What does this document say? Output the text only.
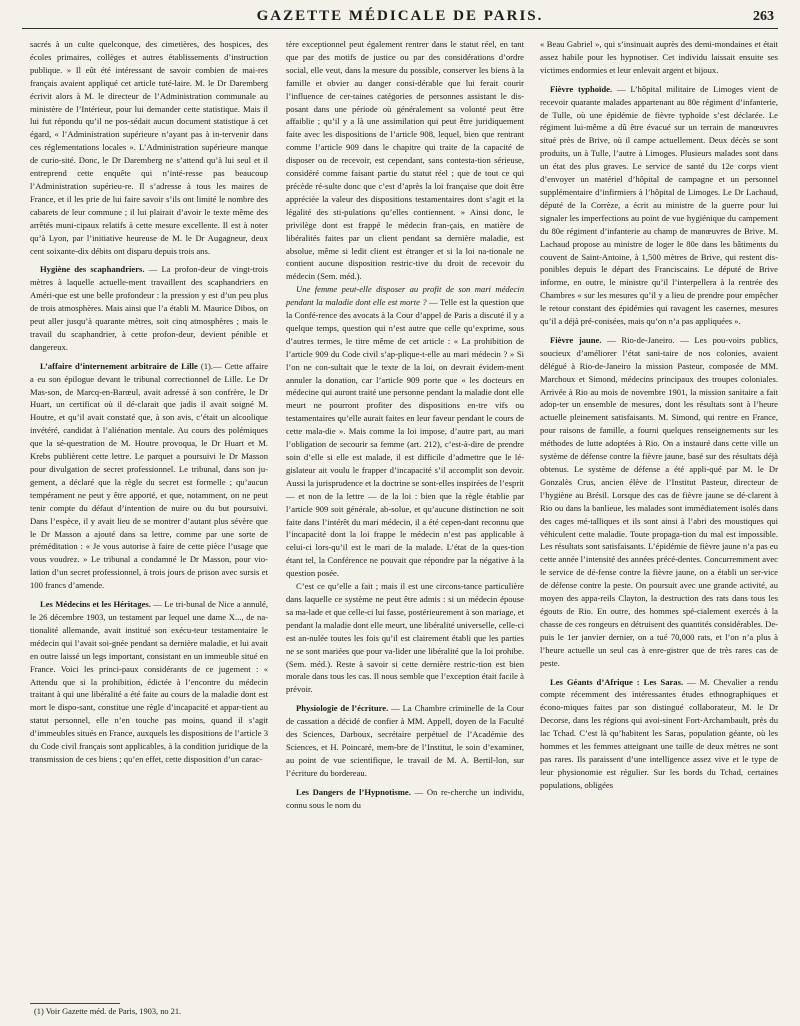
GAZETTE MÉDICALE DE PARIS.	263

sacrés à un culte quelconque, des cimetières, des hospices, des écoles primaires, collèges et autres établissements d’instruction publique. » Il eût été intéressant de savoir combien de mai-res français avaient appliqué cet article tuté-laire. M. le Dr Daremberg écrivit alors à M. le directeur de l’Administration communale au ministère de l’Intérieur, pour lui demander cette statistique. Mais il lui fut répondu qu’il ne pos-sédait aucun document statistique à cet égard, « l’Administration supérieure n’ayant pas à in-tervenir dans ces réglementations locales ». L’Administration supérieure manque de curio-sité. Donc, le Dr Daremberg ne s’attend qu’à lui seul et il entreprend cette enquête qui n’inté-resse pas beaucoup l’Administration supérieu-re. Il s’adresse à tous les maires de France, et il les prie de lui faire savoir s’ils ont limité le nombre des cabarets de leur commune ; il lui plairait d’avoir le texte même des arrêtés muni-cipaux relatifs à cette mesure excellente. Il est à noter qu’à Lyon, par l’initiative heureuse de M. le Dr Augagneur, deux cent soixante-dix débits ont disparu depuis trois ans.

Hygiène des scaphandriers. — La profon-deur de vingt-trois mètres à laquelle actuelle-ment travaillent des scaphandriers en Améri-que est une belle profondeur : la pression y est d’un peu plus de trois atmosphères. Mais ainsi que l’a établi M. Maurice Dibos, on peut aller jusqu’à quarante mètres, soit cinq atmosphères ; mais le travail du scaphandrier, à cette profon-deur, devient pénible et dangereux.

L’affaire d’internement arbitraire de Lille (1).— Cette affaire a eu son épilogue devant le tribunal correctionnel de Lille. Le Dr Mas-son, de Marcq-en-Barœul, avait adressé à son confrère, le Dr Huart, un certificat où il dé-clarait que jadis il avait soigné M. Houtre, et qu’il avait constaté que, à son avis, c’était un alcoolique invétéré, candidat à l’aliénation mentale. Au cours des polémiques que la sé-questration de M. Houtre provoqua, le Dr Huart et M. Krebs publièrent cette lettre. Le parquet a poursuivi le Dr Masson pour divulgation de secret professionnel. Le tribunal, dans son ju-gement, a déclaré que la règle du secret est formelle ; qu’aucun tempérament ne peut y être apporté, et que, notamment, on ne peut tenir compte du défaut d’intention de nuire ou du but poursuivi. Dans l’espèce, il y avait lieu de se montrer d’autant plus sévère que le Dr Masson a ajouté dans sa lettre, comme par une sorte de préméditation : « Je vous autorise à faire de cette pièce l’usage que vous voudrez. » Le tribunal a condamné le Dr Masson, pour vio-lation d’un secret professionnel, à trois jours de prison avec sursis et 100 francs d’amende.

Les Médecins et les Héritages. — Le tri-bunal de Nice a annulé, le 26 décembre 1903, un testament par lequel une dame X..., de na-tionalité allemande, avait institué son exécu-teur testamentaire le médecin qui l’avait soi-gnée pendant sa dernière maladie, et lui avait en outre laissé un legs important, consistant en un immeuble situé en France. Voici les princi-paux considérants de ce jugement : « Attendu que si la prohibition, édictée à l’encontre du médecin traitant à qui une libéralité a été faite au cours de la maladie dont est mort le dispo-sant, constitue une règle d’incapacité et appar-tient au statut personnel, elle n’en touche pas moins, quand il s’agit d’immeubles situés en France, auxquels les dispositions de l’article 3 du Code civil français sont applicables, à la condition juridique de la transmission de ces biens ; qu’en effet, cette disposition d’un carac-

tère exceptionnel peut également rentrer dans le statut réel, en tant que par des motifs de justice ou par des considérations d’ordre social, elle veut, dans la mesure du possible, conserver les biens à la famille et obvier au danger consi-dérable que lui ferait courir l’influence de cer-taines catégories de personnes assistant le dis-posant dans une période où généralement sa volonté peut être affaiblie ; qu’il y a là une assimilation qui peut être juridiquement faite avec les dispositions de l’article 908, lequel, bien que rentrant comme l’article 909 dans le chapitre qui traite de la capacité de disposer ou de recevoir, est cependant, sans contesta-tion sérieuse, considéré comme faisant partie du statut réel ; que de tout ce qui précède ré-sulte donc que c’est d’après la loi française que doit être appréciée la valeur des dispositions testamentaires dont s’agit et la légalité des sti-pulations qu’elles contiennent. » Ainsi donc, le privilège dont est frappé le médecin fran-çais, en matière de libéralités faites par un client pendant sa dernière maladie, est absolue, même si ledit client est étranger et si la loi na-tionale ne contient aucune disposition restric-tive du droit de recevoir du médecin (Sem. méd.).

Une femme peut-elle disposer au profit de son mari médecin pendant la maladie dont elle est morte ? — Telle est la question que la Confé-rence des avocats à la Cour d’appel de Paris a discuté il y a quelque temps, question qui n’est autre que celle qu’exprime, sous d’autres termes, le titre même de cet article : « La prohibition de l’article 909 du Code civil s’ap-plique-t-elle au mari médecin ? » Si l’on ne con-sultait que le texte de la loi, on devrait évidem-ment annuler la donation, car l’article 909 porte que « les docteurs en médecine qui auront traité une personne pendant la maladie dont elle meurt ne pourront profiter des dispositions en-tre vifs ou testamentaires qu’elle aurait faites en leur faveur pendant le cours de cette mala-die ». Mais comme la loi impose, d’autre part, au mari l’obligation de secourir sa femme (art. 212), c’est-à-dire de prendre soin d’elle si elle est malade, il est difficile d’admettre que le lé-gislateur ait voulu le frapper d’incapacité s’il accomplit son devoir. Aussi la jurisprudence et la doctrine se sont-elles inspirées de l’esprit — et non de la lettre — de la loi : bien que la règle établie par l’article 909 soit générale, ab-solue, et qu’aucune distinction ne soit faite dans l’intérêt du mari médecin, il a été cepen-dant reconnu que l’incapacité dont la loi frappe le médecin n’est pas applicable à celui-ci lors-qu’il est le mari de la malade. L’état de la ques-tion étant tel, la Conférence ne pouvait que répondre par la négative à la question posée.

C’est ce qu’elle a fait ; mais il est une circons-tance particulière dans laquelle ce système ne peut être admis : si un médecin épouse sa ma-lade et que celle-ci lui fasse, postérieurement à son mariage, et pendant la maladie dont elle meurt, une libéralité universelle, celle-ci est an-nulée toutes les fois qu’il est clairement établi que les parties ne se sont mariées que pour va-lider une libéralité que la loi prohibe. (Sem. méd.). Reste à savoir si cette dernière restric-tion est bien morale dans tous les cas. Il nous semble que l’exception était facile à prévoir.

Physiologie de l’écriture. — La Chambre criminelle de la Cour de cassation a décidé de confier à MM. Appell, doyen de la Faculté des Sciences, Darboux, secrétaire perpétuel de l’Académie des Sciences, et H. Poincaré, mem-bre de l’Institut, le soin d’examiner, au point de vue scientifique, le travail de M. A. Bertil-lon, sur l’écriture du bordereau.

Les Dangers de l’Hypnotisme. — On re-cherche un individu, connu sous le nom du

« Beau Gabriel », qui s’insinuait auprès des demi-mondaines et était assez habile pour les hypnotiser. Cet individu laissait ensuite ses victimes endormies et leur enlevait argent et bijoux.

Fièvre typhoïde. — L’hôpital militaire de Limoges vient de recevoir quarante malades appartenant au 80e régiment d’infanterie, de Tulle, où une épidémie de fièvre typhoïde s’est déclarée. Le régiment lui-même a dû être évacué sur un terrain de manœuvres situé près de Brive, où il campe actuellement. Deux décès se sont produits, un à Tulle, l’autre à Limoges. Plusieurs malades sont dans un état des plus graves. Le service de santé du 12e corps vient d’envoyer un matériel d’hôpital de campagne et un personnel supplémentaire d’infirmiers à l’hôpital de Limoges. Le Dr Lachaud, député de la Corrèze, a écrit au ministre de la guerre pour lui signaler les imperfections au point de vue hygiénique du campement du 80e régiment d’infanterie au champ de manœuvres de Brive. M. Lachaud propose au ministre de loger le 80e dans les bâtiments du couvent de Saint-Antoine, à 1,500 mètres de Brive, qui restent dis-ponibles depuis le départ des Franciscains. Le député de Brive informe, en outre, le ministre qu’il l’interpellera à la rentrée des Chambres « sur les mesures qu’il y a lieu de prendre pour empêcher le retour constant des épidémies qui ravagent les casernes, mesures qu’il a déjà pré-conisées, mais qu’on n’a pas appliquées ».

Fièvre jaune. — Rio-de-Janeiro. — Les pou-voirs publics, soucieux d’améliorer l’état sani-taire de nos colonies, avaient délégué à Rio-de-Janeiro la mission Pasteur, composée de MM. Marchoux et Simond, médecins principaux des troupes coloniales. Arrivée à Rio au mois de novembre 1901, la mission sanitaire a fait adop-ter un ensemble de mesures, dont les résultats sont à l’heure actuelle pleinement satisfaisants. M. Simond, qui rentre en France, pour raisons de famille, a fourni quelques renseignements sur les méthodes de lutte adoptées à Rio. On a instauré dans cette ville un système de défense contre la fièvre jaune, basé sur des résultats déjà obtenus. Le système de défense a été appli-qué par M. le Dr Gonzalès Crus, ancien élève de l’Institut Pasteur, directeur de l’hygiène au Brésil. Lorsque des cas de fièvre jaune se dé-clarent à Rio ou dans la banlieue, les malades sont immédiatement isolés dans des cages mé-talliques et ils sont ainsi à l’abri des moustiques qui véhiculent cette maladie. Toute propaga-tion du mal est impossible. Les résultats sont satisfaisants. L’épidémie de fièvre jaune n’a pas eu cette année l’intensité des années précé-dentes. Concurremment avec le service de dé-fense contre la fièvre jaune, on a établi un ser-vice de défense contre la peste. On poursuit avec une grande activité, au moyen des appa-reils Clayton, la destruction des rats dans tous les égouts de Rio. En outre, des hommes spé-cialement exercés à la chasse de ces rongeurs en détruisent des quantités considérables. De-puis le 1er janvier dernier, on a tué 70,000 rats, et l’on n’a plus à l’heure actuelle un seul cas à enre-gistrer que de très rares cas de peste.

Les Géants d’Afrique : Les Saras. — M. Chevalier a rendu compte récemment des intéressantes études ethnographiques et écono-miques faites par son distingué collaborateur, M. le Dr Decorse, dans les régions qui avoi-sinent Fort-Archambault, près du lac Tchad. C’est là qu’habitent les Saras, population géante, où les hommes et les femmes atteignant une taille de deux mètres ne sont pas rares. Ils paraissent d’une intelligence assez vive et le type de leur physionomie est régulier. Sur les bords du Tchad, certaines populations, obligées

(1) Voir Gazette méd. de Paris, 1903, no 21.
